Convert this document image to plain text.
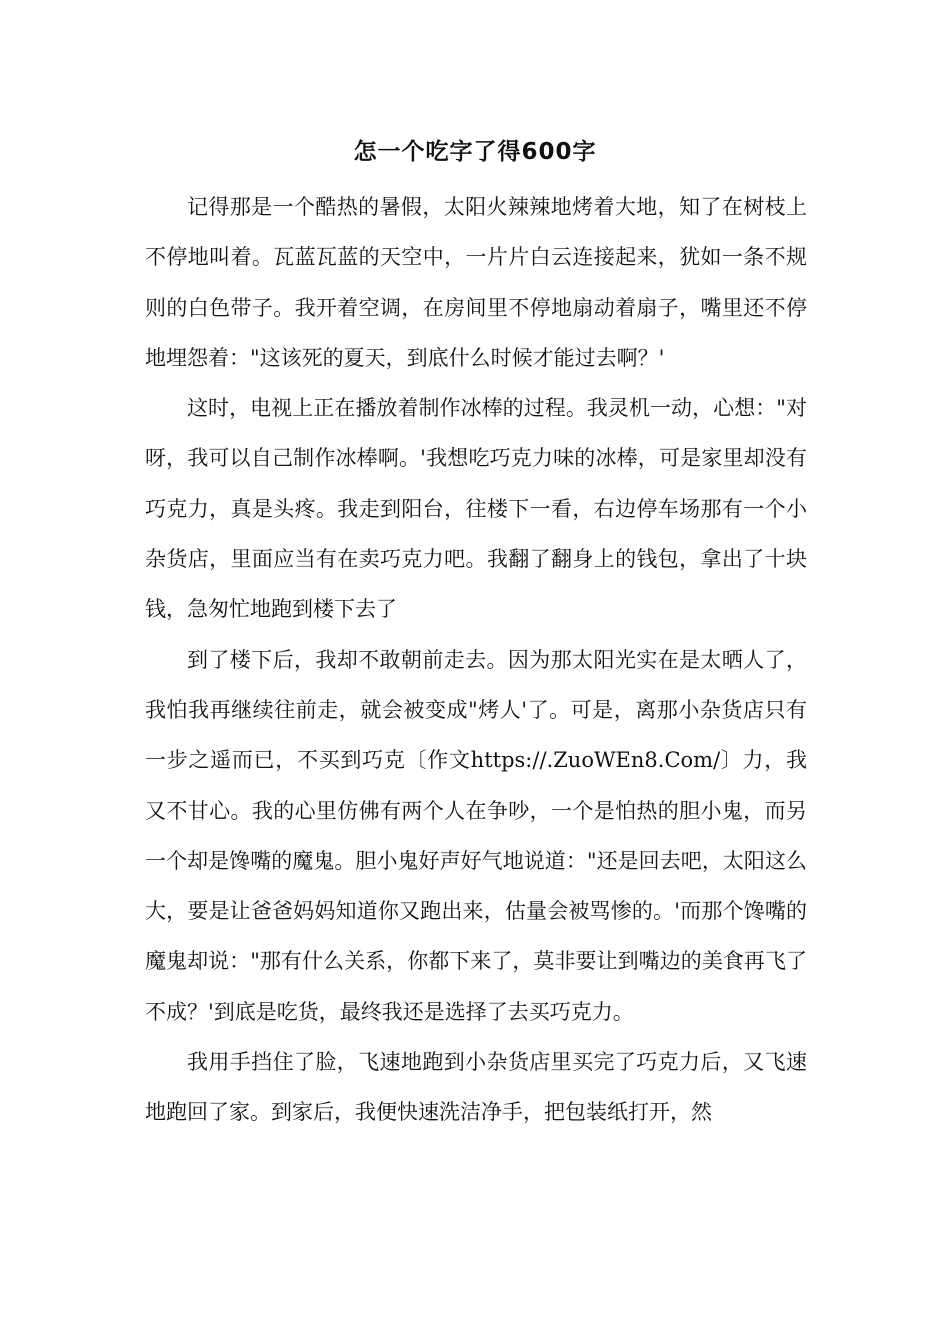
怎一个吃字了得600字

记得那是一个酷热的暑假，太阳火辣辣地烤着大地，知了在树枝上不停地叫着。瓦蓝瓦蓝的天空中，一片片白云连接起来，犹如一条不规则的白色带子。我开着空调，在房间里不停地扇动着扇子，嘴里还不停地埋怨着："这该死的夏天，到底什么时候才能过去啊？'

这时，电视上正在播放着制作冰棒的过程。我灵机一动，心想："对呀，我可以自己制作冰棒啊。'我想吃巧克力味的冰棒，可是家里却没有巧克力，真是头疼。我走到阳台，往楼下一看，右边停车场那有一个小杂货店，里面应当有在卖巧克力吧。我翻了翻身上的钱包，拿出了十块钱，急匆忙地跑到楼下去了

到了楼下后，我却不敢朝前走去。因为那太阳光实在是太晒人了，我怕我再继续往前走，就会被变成"烤人'了。可是，离那小杂货店只有一步之遥而已，不买到巧克〔作文https://.ZuoWEn8.Com/〕力，我又不甘心。我的心里仿佛有两个人在争吵，一个是怕热的胆小鬼，而另一个却是馋嘴的魔鬼。胆小鬼好声好气地说道："还是回去吧，太阳这么大，要是让爸爸妈妈知道你又跑出来，估量会被骂惨的。'而那个馋嘴的魔鬼却说："那有什么关系，你都下来了，莫非要让到嘴边的美食再飞了不成？'到底是吃货，最终我还是选择了去买巧克力。

我用手挡住了脸，飞速地跑到小杂货店里买完了巧克力后，又飞速地跑回了家。到家后，我便快速洗洁净手，把包装纸打开，然
